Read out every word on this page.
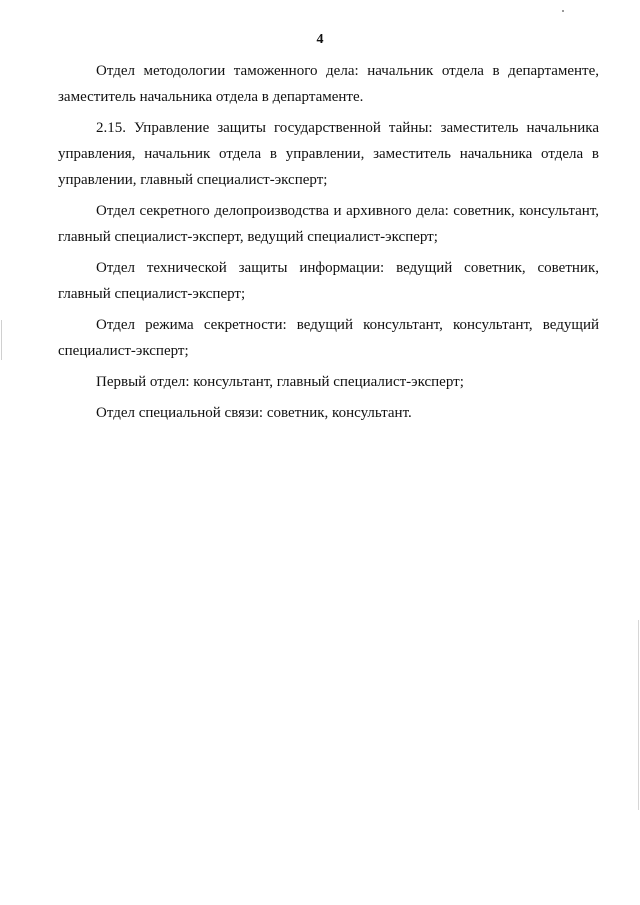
4

Отдел методологии таможенного дела: начальник отдела в департаменте, заместитель начальника отдела в департаменте.

2.15. Управление защиты государственной тайны: заместитель начальника управления, начальник отдела в управлении, заместитель начальника отдела в управлении, главный специалист-эксперт;

Отдел секретного делопроизводства и архивного дела: советник, консультант, главный специалист-эксперт, ведущий специалист-эксперт;

Отдел технической защиты информации: ведущий советник, советник, главный специалист-эксперт;

Отдел режима секретности: ведущий консультант, консультант, ведущий специалист-эксперт;

Первый отдел: консультант, главный специалист-эксперт;

Отдел специальной связи: советник, консультант.
